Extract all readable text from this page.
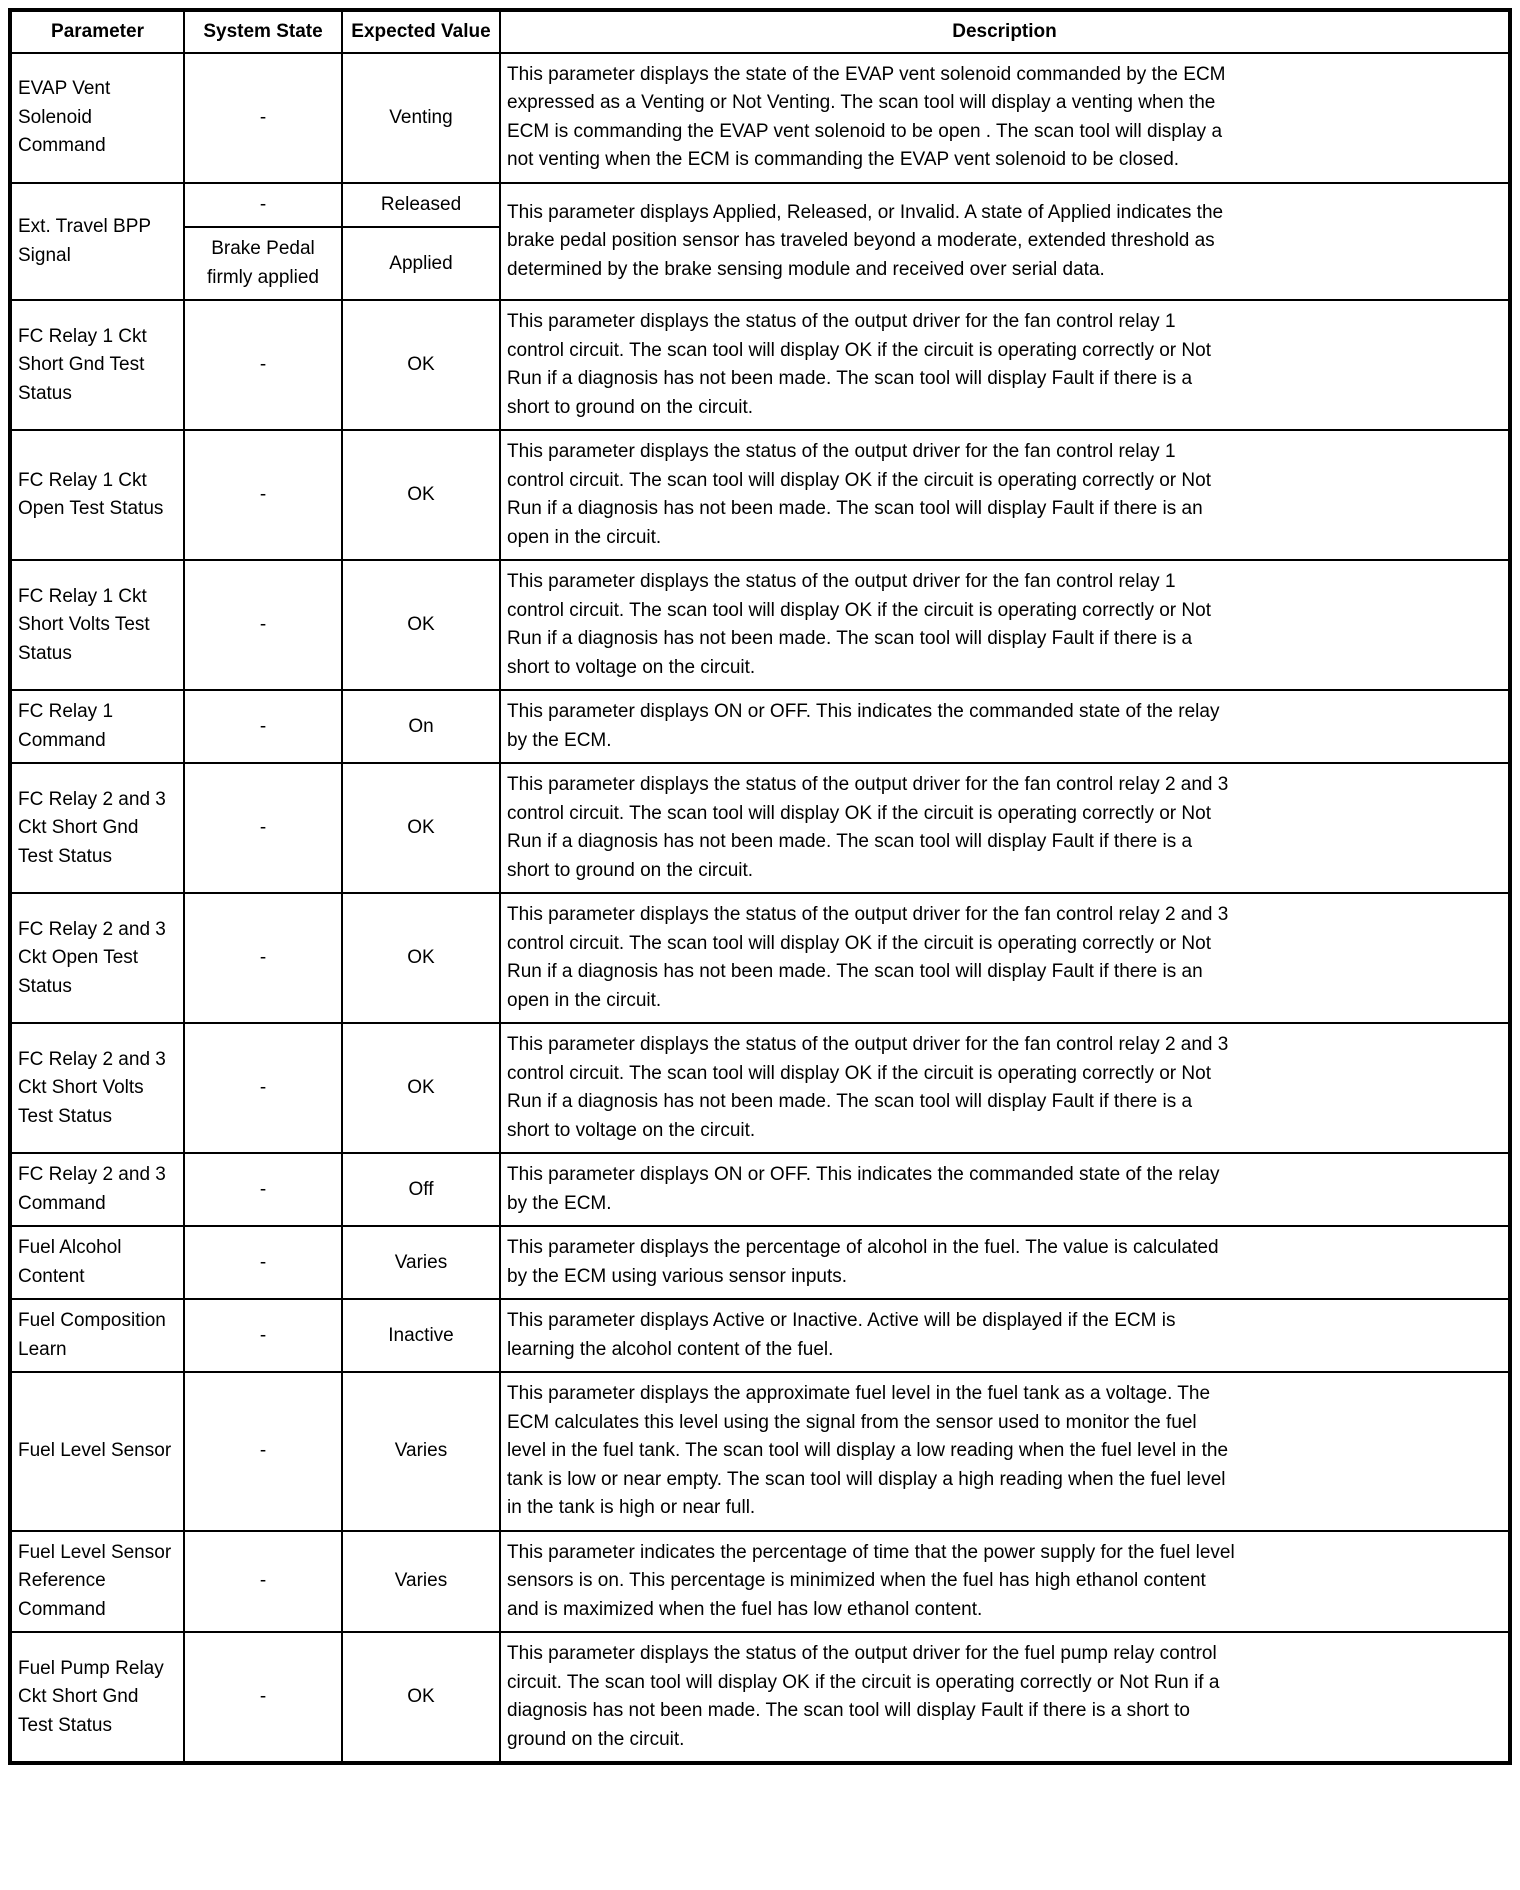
Parameter	System State	Expected Value	Description
EVAP Vent Solenoid Command	-	Venting	This parameter displays the state of the EVAP vent solenoid commanded by the ECM expressed as a Venting or Not Venting. The scan tool will display a venting when the ECM is commanding the EVAP vent solenoid to be open . The scan tool will display a not venting when the ECM is commanding the EVAP vent solenoid to be closed.

Ext. Travel BPP Signal	-	Released	This parameter displays Applied, Released, or Invalid. A state of Applied indicates the brake pedal position sensor has traveled beyond a moderate, extended threshold as determined by the brake sensing module and received over serial data.

	Brake Pedal firmly applied	Applied	
FC Relay 1 Ckt Short Gnd Test Status	-	OK	This parameter displays the status of the output driver for the fan control relay 1 control circuit. The scan tool will display OK if the circuit is operating correctly or Not Run if a diagnosis has not been made. The scan tool will display Fault if there is a short to ground on the circuit.

FC Relay 1 Ckt Open Test Status	-	OK	This parameter displays the status of the output driver for the fan control relay 1 control circuit. The scan tool will display OK if the circuit is operating correctly or Not Run if a diagnosis has not been made. The scan tool will display Fault if there is an open in the circuit.

FC Relay 1 Ckt Short Volts Test Status	-	OK	This parameter displays the status of the output driver for the fan control relay 1 control circuit. The scan tool will display OK if the circuit is operating correctly or Not Run if a diagnosis has not been made. The scan tool will display Fault if there is a short to voltage on the circuit.

FC Relay 1 Command	-	On	This parameter displays ON or OFF. This indicates the commanded state of the relay by the ECM.

FC Relay 2 and 3 Ckt Short Gnd Test Status	-	OK	This parameter displays the status of the output driver for the fan control relay 2 and 3 control circuit. The scan tool will display OK if the circuit is operating correctly or Not Run if a diagnosis has not been made. The scan tool will display Fault if there is a short to ground on the circuit.

FC Relay 2 and 3 Ckt Open Test Status	-	OK	This parameter displays the status of the output driver for the fan control relay 2 and 3 control circuit. The scan tool will display OK if the circuit is operating correctly or Not Run if a diagnosis has not been made. The scan tool will display Fault if there is an open in the circuit.

FC Relay 2 and 3 Ckt Short Volts Test Status	-	OK	This parameter displays the status of the output driver for the fan control relay 2 and 3 control circuit. The scan tool will display OK if the circuit is operating correctly or Not Run if a diagnosis has not been made. The scan tool will display Fault if there is a short to voltage on the circuit.

FC Relay 2 and 3 Command	-	Off	This parameter displays ON or OFF. This indicates the commanded state of the relay by the ECM.

Fuel Alcohol Content	-	Varies	This parameter displays the percentage of alcohol in the fuel. The value is calculated by the ECM using various sensor inputs.

Fuel Composition Learn	-	Inactive	This parameter displays Active or Inactive. Active will be displayed if the ECM is learning the alcohol content of the fuel.

Fuel Level Sensor	-	Varies	This parameter displays the approximate fuel level in the fuel tank as a voltage. The ECM calculates this level using the signal from the sensor used to monitor the fuel level in the fuel tank. The scan tool will display a low reading when the fuel level in the tank is low or near empty. The scan tool will display a high reading when the fuel level in the tank is high or near full.

Fuel Level Sensor Reference Command	-	Varies	This parameter indicates the percentage of time that the power supply for the fuel level sensors is on. This percentage is minimized when the fuel has high ethanol content and is maximized when the fuel has low ethanol content.

Fuel Pump Relay Ckt Short Gnd Test Status	-	OK	This parameter displays the status of the output driver for the fuel pump relay control circuit. The scan tool will display OK if the circuit is operating correctly or Not Run if a diagnosis has not been made. The scan tool will display Fault if there is a short to ground on the circuit.
